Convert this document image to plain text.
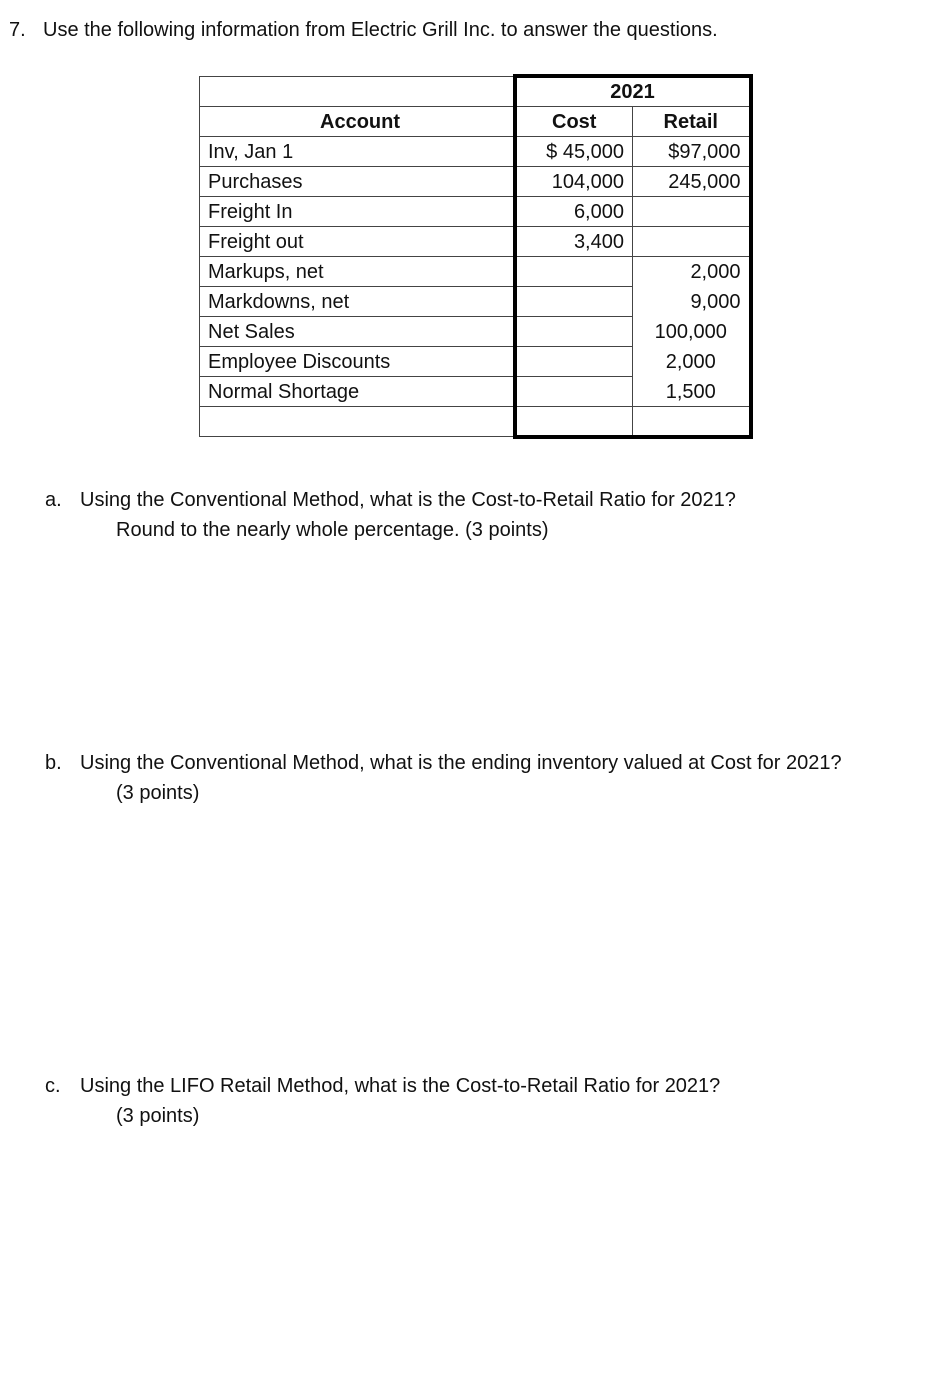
7. Use the following information from Electric Grill Inc. to answer the questions.
	2021	
Account	Cost	Retail
Inv, Jan 1	$ 45,000	$97,000
Purchases	104,000	245,000
Freight In	6,000	
Freight out	3,400	
Markups, net		2,000
Markdowns, net		9,000
Net Sales		100,000
Employee Discounts		2,000
Normal Shortage		1,500

a. Using the Conventional Method, what is the Cost-to-Retail Ratio for 2021?
Round to the nearly whole percentage. (3 points)
b. Using the Conventional Method, what is the ending inventory valued at Cost for 2021?
(3 points)
c. Using the LIFO Retail Method, what is the Cost-to-Retail Ratio for 2021?
(3 points)
